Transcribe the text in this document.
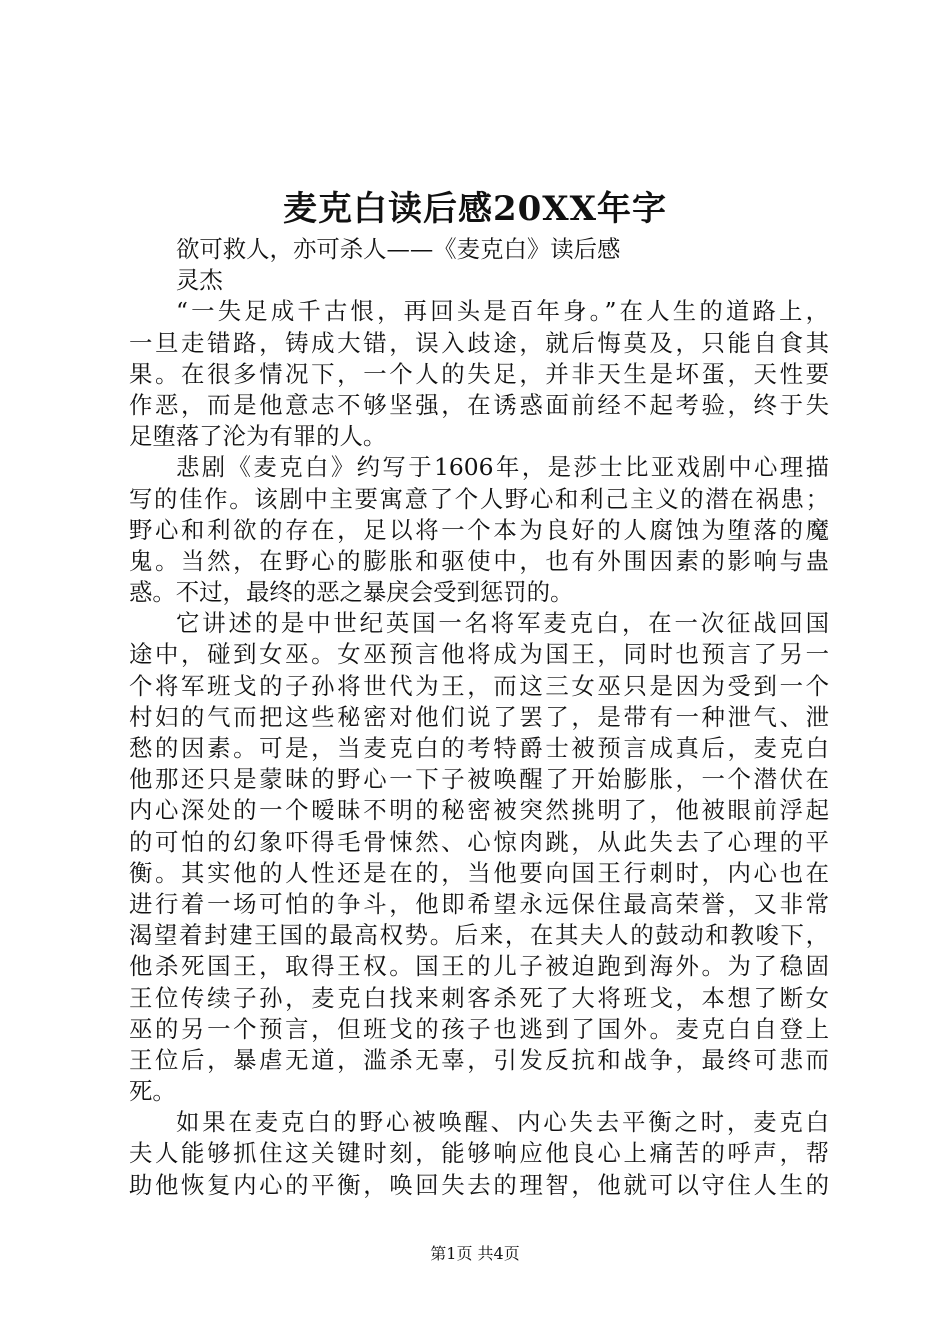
麦克白读后感20XX年字
欲可救人，亦可杀人——《麦克白》读后感
灵杰
“一失足成千古恨，再回头是百年身。”在人生的道路上，
一旦走错路，铸成大错，误入歧途，就后悔莫及，只能自食其
果。在很多情况下，一个人的失足，并非天生是坏蛋，天性要
作恶，而是他意志不够坚强，在诱惑面前经不起考验，终于失
足堕落了沦为有罪的人。
悲剧《麦克白》约写于1606年，是莎士比亚戏剧中心理描
写的佳作。该剧中主要寓意了个人野心和利己主义的潜在祸患；
野心和利欲的存在，足以将一个本为良好的人腐蚀为堕落的魔
鬼。当然，在野心的膨胀和驱使中，也有外围因素的影响与蛊
惑。不过，最终的恶之暴戾会受到惩罚的。
它讲述的是中世纪英国一名将军麦克白，在一次征战回国
途中，碰到女巫。女巫预言他将成为国王，同时也预言了另一
个将军班戈的子孙将世代为王，而这三女巫只是因为受到一个
村妇的气而把这些秘密对他们说了罢了，是带有一种泄气、泄
愁的因素。可是，当麦克白的考特爵士被预言成真后，麦克白
他那还只是蒙昧的野心一下子被唤醒了开始膨胀，一个潜伏在
内心深处的一个暧昧不明的秘密被突然挑明了，他被眼前浮起
的可怕的幻象吓得毛骨悚然、心惊肉跳，从此失去了心理的平
衡。其实他的人性还是在的，当他要向国王行刺时，内心也在
进行着一场可怕的争斗，他即希望永远保住最高荣誉，又非常
渴望着封建王国的最高权势。后来，在其夫人的鼓动和教唆下，
他杀死国王，取得王权。国王的儿子被迫跑到海外。为了稳固
王位传续子孙，麦克白找来刺客杀死了大将班戈，本想了断女
巫的另一个预言，但班戈的孩子也逃到了国外。麦克白自登上
王位后，暴虐无道，滥杀无辜，引发反抗和战争，最终可悲而
死。
如果在麦克白的野心被唤醒、内心失去平衡之时，麦克白
夫人能够抓住这关键时刻，能够响应他良心上痛苦的呼声，帮
助他恢复内心的平衡，唤回失去的理智，他就可以守住人生的
第1页 共4页
